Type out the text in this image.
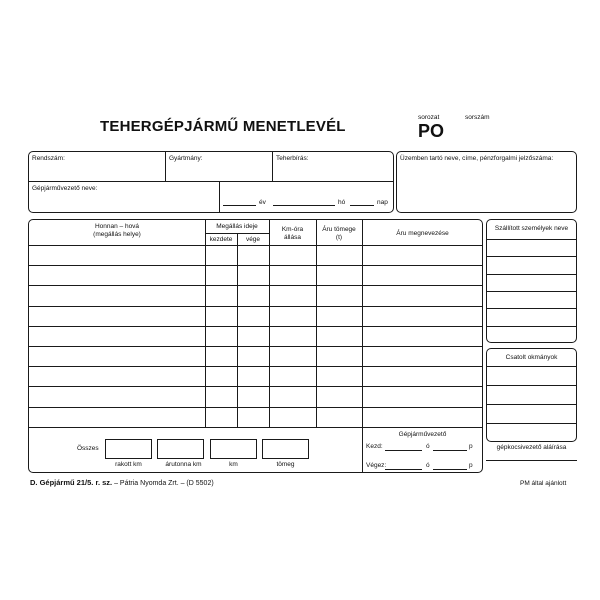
TEHERGÉPJÁRMŰ MENETLEVÉL
sorozat	sorszám
PO
Rendszám:	Gyártmány:	Teherbírás:
Gépjárművezető neve:
év	hó	nap
Üzemben tartó neve, címe, pénzforgalmi jelzőszáma:
Honnan – hová
(megállás helye)
Megállás ideje
kezdete	vége
Km-óra
állása
Áru tömege
(t)
Áru megnevezése
Összes
rakott km	árutonna km	km	tömeg
Gépjárművezető
Kezd:	ó	p
Végez:	ó	p
Szállított személyek neve
Csatolt okmányok
gépkocsivezető aláírása
D. Gépjármű 21/5. r. sz. – Pátria Nyomda Zrt. – (D 5502)	PM által ajánlott
